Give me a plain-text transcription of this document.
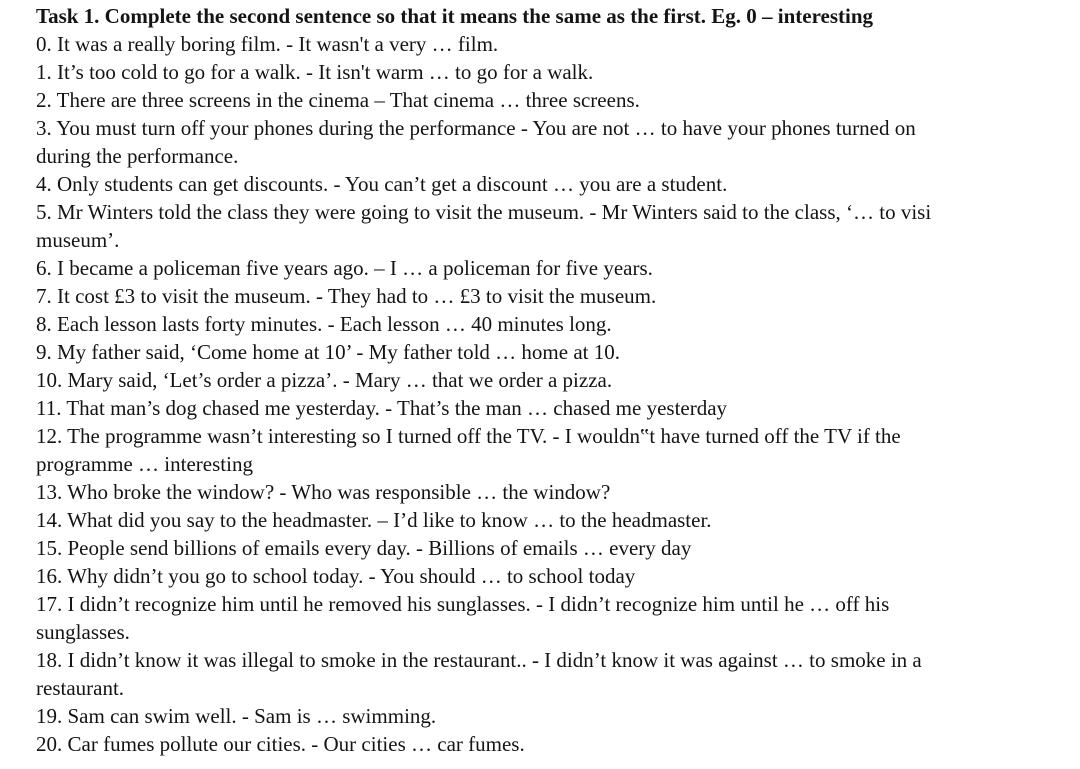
Task 1. Complete the second sentence so that it means the same as the first. Eg. 0 – interesting

0. It was a really boring film. - It wasn't a very … film.

1. It’s too cold to go for a walk. - It isn't warm … to go for a walk.

2. There are three screens in the cinema – That cinema … three screens.

3. You must turn off your phones during the performance - You are not … to have your phones turned on

during the performance.

4. Only students can get discounts. - You can’t get a discount … you are a student.

5. Mr Winters told the class they were going to visit the museum. - Mr Winters said to the class, ‘… to visi

museum’.

6. I became a policeman five years ago. – I … a policeman for five years.

7. It cost £3 to visit the museum. - They had to … £3 to visit the museum.

8. Each lesson lasts forty minutes. - Each lesson … 40 minutes long.

9. My father said, ‘Come home at 10’ - My father told … home at 10.

10. Mary said, ‘Let’s order a pizza’. - Mary … that we order a pizza.

11. That man’s dog chased me yesterday. - That’s the man … chased me yesterday

12. The programme wasn’t interesting so I turned off the TV. - I wouldn‟t have turned off the TV if the

programme … interesting

13. Who broke the window? - Who was responsible … the window?

14. What did you say to the headmaster. – I’d like to know … to the headmaster.

15. People send billions of emails every day. - Billions of emails … every day

16. Why didn’t you go to school today. - You should … to school today

17. I didn’t recognize him until he removed his sunglasses. - I didn’t recognize him until he … off his

sunglasses.

18. I didn’t know it was illegal to smoke in the restaurant.. - I didn’t know it was against … to smoke in a

restaurant.

19. Sam can swim well. - Sam is … swimming.

20. Car fumes pollute our cities. - Our cities … car fumes.
